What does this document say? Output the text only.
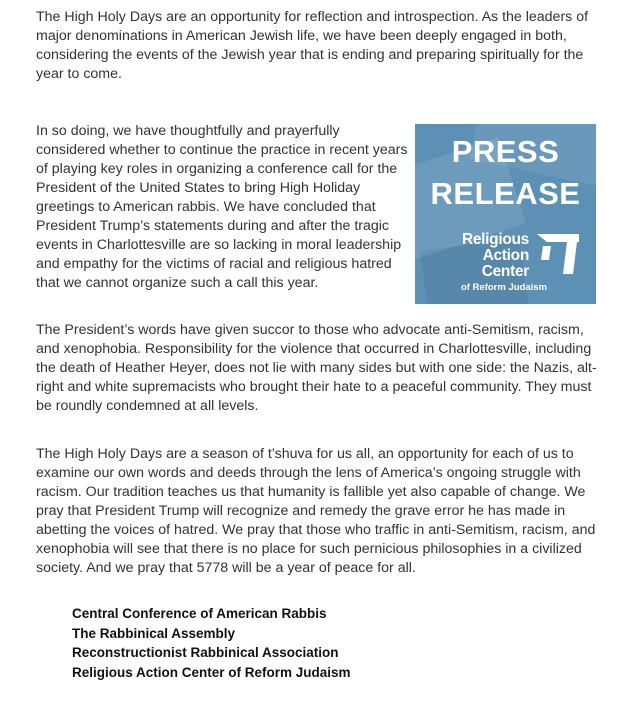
The High Holy Days are an opportunity for reflection and introspection. As the leaders of major denominations in American Jewish life, we have been deeply engaged in both, considering the events of the Jewish year that is ending and preparing spiritually for the year to come.

In so doing, we have thoughtfully and prayerfully considered whether to continue the practice in recent years of playing key roles in organizing a conference call for the President of the United States to bring High Holiday greetings to American rabbis. We have concluded that President Trump’s statements during and after the tragic events in Charlottesville are so lacking in moral leadership and empathy for the victims of racial and religious hatred that we cannot organize such a call this year.

PRESS
RELEASE
Religious
Action
Center
of Reform Judaism

The President’s words have given succor to those who advocate anti-Semitism, racism, and xenophobia. Responsibility for the violence that occurred in Charlottesville, including the death of Heather Heyer, does not lie with many sides but with one side: the Nazis, alt-right and white supremacists who brought their hate to a peaceful community. They must be roundly condemned at all levels.

The High Holy Days are a season of t’shuva for us all, an opportunity for each of us to examine our own words and deeds through the lens of America’s ongoing struggle with racism. Our tradition teaches us that humanity is fallible yet also capable of change. We pray that President Trump will recognize and remedy the grave error he has made in abetting the voices of hatred. We pray that those who traffic in anti-Semitism, racism, and xenophobia will see that there is no place for such pernicious philosophies in a civilized society. And we pray that 5778 will be a year of peace for all.

Central Conference of American Rabbis
The Rabbinical Assembly
Reconstructionist Rabbinical Association
Religious Action Center of Reform Judaism
